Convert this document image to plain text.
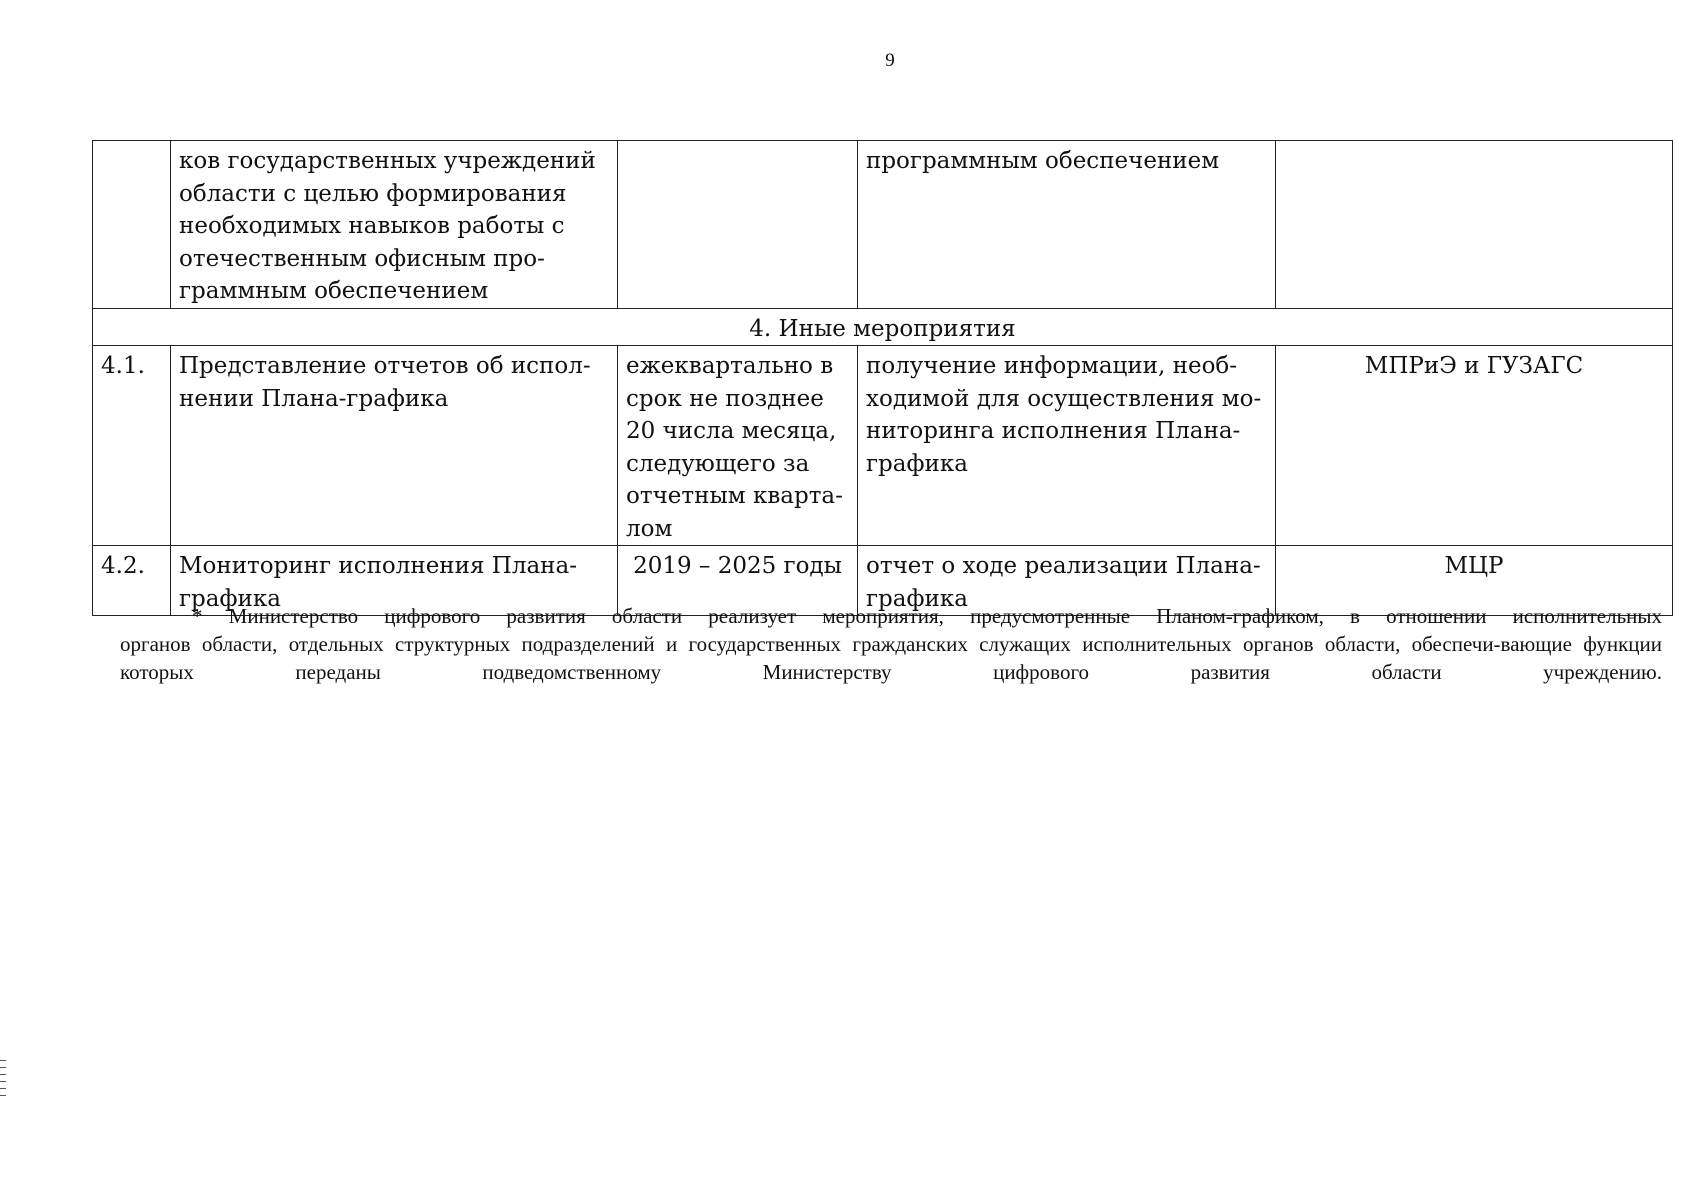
9
	ков государственных учреждений области с целью формирования необходимых навыков работы с отечественным офисным про-граммным обеспечением		программным обеспечением	
4. Иные мероприятия				
4.1.	Представление отчетов об испол-нении Плана-графика	ежеквартально в срок не позднее 20 числа месяца, следующего за отчетным кварта-лом	получение информации, необ-ходимой для осуществления мо-ниторинга исполнения Плана-графика	МПРиЭ и ГУЗАГС
4.2.	Мониторинг исполнения Плана-графика	2019 – 2025 годы	отчет о ходе реализации Плана-графика	МЦР
* Министерство цифрового развития области реализует мероприятия, предусмотренные Планом-графиком, в отношении исполнительных
органов области, отдельных структурных подразделений и государственных гражданских служащих исполнительных органов области, обеспечи-вающие функции которых переданы подведомственному Министерству цифрового развития области учреждению.
